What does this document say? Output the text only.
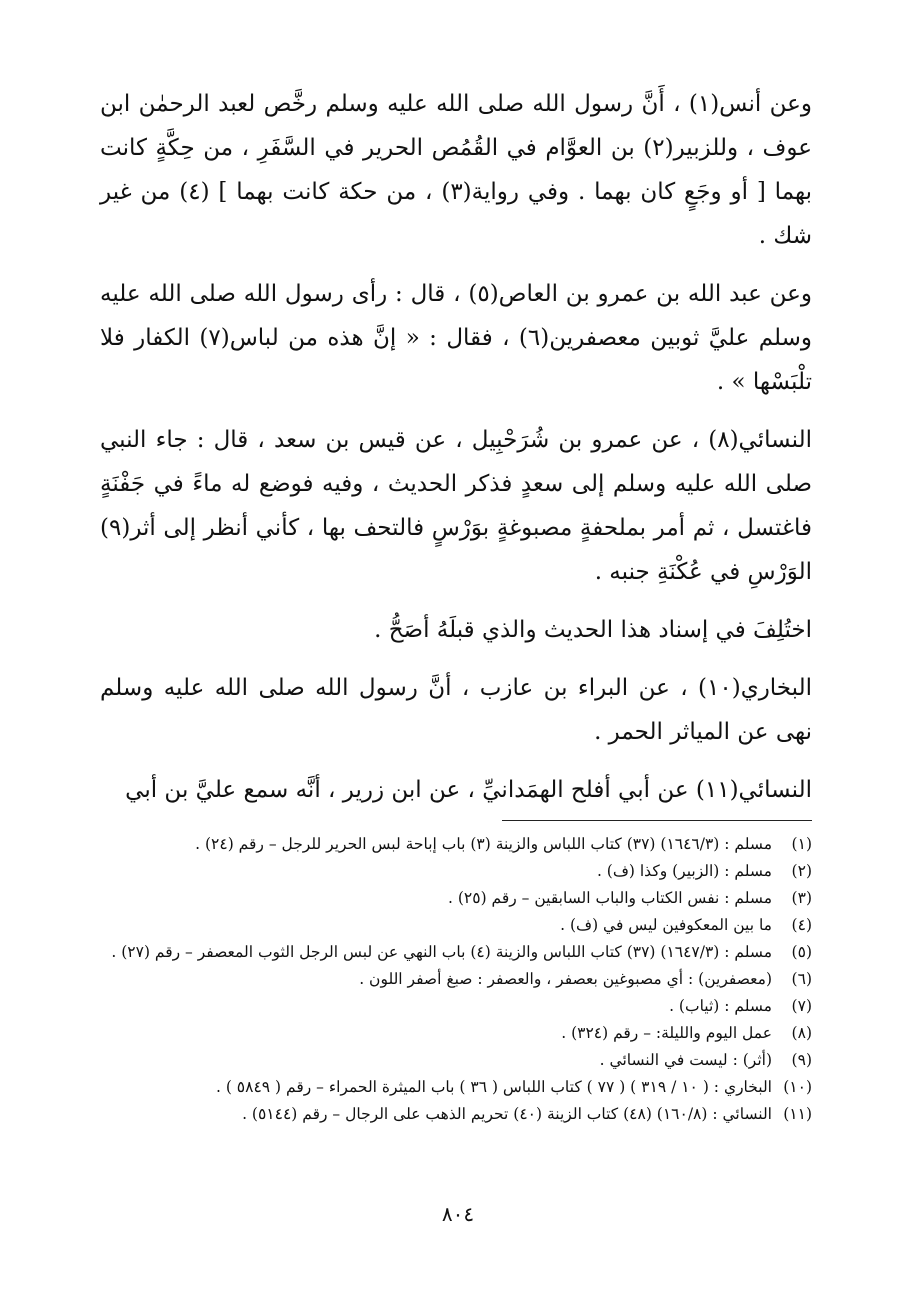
وعن أنس(١) ، أَنَّ رسول الله صلى الله عليه وسلم رخَّص لعبد الرحمٰن ابن عوف ، وللزبير(٢) بن العوَّام في القُمُص الحرير في السَّفَرِ ، من حِكَّةٍ كانت بهما [ أو وجَعٍ كان بهما . وفي رواية(٣) ، من حكة كانت بهما ] (٤) من غير شك .

وعن عبد الله بن عمرو بن العاص(٥) ، قال : رأى رسول الله صلى الله عليه وسلم عليَّ ثوبين معصفرين(٦) ، فقال : « إنَّ هذه من لباس(٧) الكفار فلا تلْبَسْها » .

النسائي(٨) ، عن عمرو بن شُرَحْبِيل ، عن قيس بن سعد ، قال : جاء النبي صلى الله عليه وسلم إلى سعدٍ فذكر الحديث ، وفيه فوضع له ماءً في جَفْنَةٍ فاغتسل ، ثم أمر بملحفةٍ مصبوغةٍ بوَرْسٍ فالتحف بها ، كأني أنظر إلى أثر(٩) الوَرْسِ في عُكْنَةِ جنبه .

اختُلِفَ في إسناد هذا الحديث والذي قبلَهُ أصَحُّ .

البخاري(١٠) ، عن البراء بن عازب ، أنَّ رسول الله صلى الله عليه وسلم نهى عن المياثر الحمر .

النسائي(١١) عن أبي أفلح الهمَدانيِّ ، عن ابن زرير ، أنَّه سمع عليَّ بن أبي

(١)
مسلم : (١٦٤٦/٣) (٣٧) كتاب اللباس والزينة (٣) باب إباحة لبس الحرير للرجل – رقم (٢٤) .
(٢)
مسلم : (الزبير) وكذا (ف) .
(٣)
مسلم : نفس الكتاب والباب السابقين – رقم (٢٥) .
(٤)
ما بين المعكوفين ليس في (ف) .
(٥)
مسلم : (١٦٤٧/٣) (٣٧) كتاب اللباس والزينة (٤) باب النهي عن لبس الرجل الثوب المعصفر – رقم (٢٧) .
(٦)
(معصفرين) : أي مصبوغين بعصفر ، والعصفر : صبغ أصفر اللون .
(٧)
مسلم : (ثياب) .
(٨)
عمل اليوم والليلة: – رقم (٣٢٤) .
(٩)
(أثر) : ليست في النسائي .
(١٠)
البخاري : ( ١٠ / ٣١٩ ) ( ٧٧ ) كتاب اللباس ( ٣٦ ) باب الميثرة الحمراء – رقم ( ٥٨٤٩ ) .
(١١)
النسائي : (١٦٠/٨) (٤٨) كتاب الزينة (٤٠) تحريم الذهب على الرجال – رقم (٥١٤٤) .
٨٠٤
